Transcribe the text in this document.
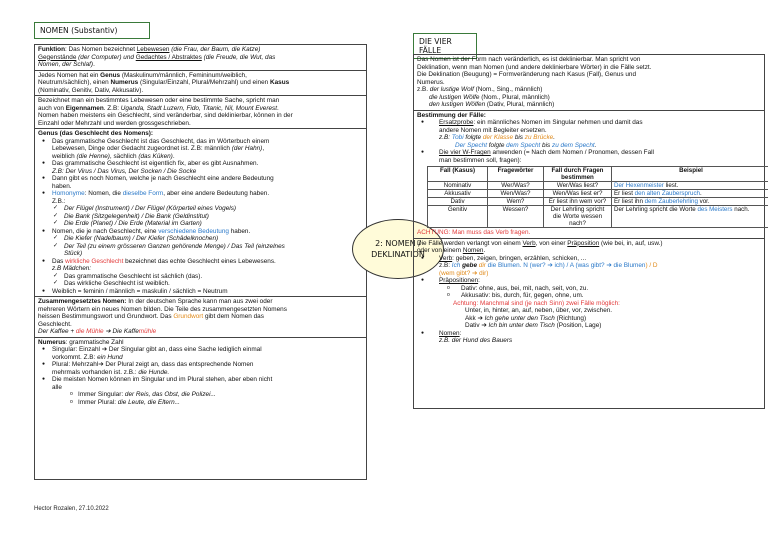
NOMEN (Substantiv)
DIE VIER FÄLLE
Funktion: Das Nomen bezeichnet Lebewesen (die Frau, der Baum, die Katze)
Gegenstände (der Computer) und Gedachtes / Abstraktes (die Freude, die Wut, das
Nomen, der Schlaf).
Jedes Nomen hat ein Genus (Maskulinum/männlich, Femininum/weiblich,
Neutrum/sächlich), einen Numerus (Singular/Einzahl, Plural/Mehrzahl) und einen Kasus
(Nominativ, Genitiv, Dativ, Akkusativ).
Bezeichnet man ein bestimmtes Lebewesen oder eine bestimmte Sache, spricht man
auch von Eigennamen. Z.B: Uganda, Stadt Luzern, Fido, Titanic, Nil, Mount Everest.
Nomen haben meistens ein Geschlecht, sind veränderbar, sind deklinierbar, können in der
Einzahl oder Mehrzahl und werden grossgeschrieben.
Genus (das Geschlecht des Nomens):
● Das grammatische Geschlecht ist das Geschlecht, das im Wörterbuch einem
Lebewesen, Dinge oder Gedacht zugeordnet ist. Z.B: männlich (der Hahn),
weiblich (die Henne), sächlich (das Küken).
● Das grammatische Geschlecht ist eigentlich fix, aber es gibt Ausnahmen.
Z.B: Der Virus / Das Virus, Der Socken / Die Socke
● Dann gibt es noch Nomen, welche je nach Geschlecht eine andere Bedeutung
haben.
● Homonyme: Nomen, die dieselbe Form, aber eine andere Bedeutung haben.
Z.B.:
✓ Der Flügel (Instrument) / Der Flügel (Körperteil eines Vogels)
✓ Die Bank (Sitzgelegenheit) / Die Bank (Geldinstitut)
✓ Die Erde (Planet) / Die Erde (Material im Garten)
● Nomen, die je nach Geschlecht, eine verschiedene Bedeutung haben.
✓ Die Kiefer (Nadelbaum) / Der Kiefer (Schädelknochen)
✓ Der Teil (zu einem grösseren Ganzen gehörende Menge) / Das Teil (einzelnes
Stück)
● Das wirkliche Geschlecht bezeichnet das echte Geschlecht eines Lebewesens.
z.B Mädchen:
✓ Das grammatische Geschlecht ist sächlich (das).
✓ Das wirkliche Geschlecht ist weiblich.
● Weiblich = feminin / männlich = maskulin / sächlich = Neutrum
Zusammengesetztes Nomen: In der deutschen Sprache kann man aus zwei oder
mehreren Wörtern ein neues Nomen bilden. Die Teile des zusammengesetzten Nomens
heissen Bestimmungswort und Grundwort. Das Grundwort gibt dem Nomen das
Geschlecht.
Der Kaffee + die Mühle ➔ Die Kaffemühle
Numerus: grammatische Zahl
● Singular: Einzahl ➔ Der Singular gibt an, dass eine Sache lediglich einmal
vorkommt. Z.B: ein Hund
● Plural: Mehrzahl➔ Der Plural zeigt an, dass das entsprechende Nomen
mehrmals vorhanden ist. z.B.: die Hunde.
● Die meisten Nomen können im Singular und im Plural stehen, aber eben nicht
alle
o Immer Singular: der Reis, das Obst, die Polizei...
o Immer Plural: die Leute, die Eltern...
2: NOMEN /
DEKLINATION
Das Nomen ist der Form nach veränderlich, es ist deklinierbar. Man spricht von
Deklination, wenn man Nomen (und andere deklinierbare Wörter) in die Fälle setzt.
Die Deklination (Beugung) = Formveränderung nach Kasus (Fall), Genus und
Numerus.
z.B. der lustige Wolf (Nom., Sing., männlich)
die lustigen Wölfe (Nom., Plural, männlich)
den lustigen Wölfen (Dativ, Plural, männlich)
Bestimmung der Fälle:
● Ersatzprobe: ein männliches Nomen im Singular nehmen und damit das
andere Nomen mit Begleiter ersetzen.
z.B: Tobi folgte der Klasse bis zu Brücke.
Der Specht folgte dem Specht bis zu dem Specht.
● Die vier W-Fragen anwenden (= Nach dem Nomen / Pronomen, dessen Fall
man bestimmen soll, fragen):
Fall (Kasus)	Fragewörter	Fall durch Fragen bestimmen	Beispiel
Nominativ	Wer/Was?	Wer/Was liest?	Der Hexenmeister liest.
Akkusativ	Wen/Was?	Wen/Was liest er?	Er liest den alten Zauberspruch.
Dativ	Wem?	Er liest ihn wem vor?	Er liest ihn dem Zauberlehrling vor.
Genitiv	Wessen?	Der Lehrling spricht die Worte wessen nach?	Der Lehrling spricht die Worte des Meisters nach.
ACHTUNG: Man muss das Verb fragen.
Die Fälle werden verlangt von einem Verb, von einer Präposition (wie bei, in, auf, usw.)
oder von einem Nomen.
● Verb: geben, zeigen, bringen, erzählen, schicken, ...
z.B: Ich gebe dir die Blumen. N (wer? ➔ ich) / A (was gibt? ➔ die Blumen) / D
(wem gibt? ➔ dir)
● Präpositionen:
o Dativ: ohne, aus, bei, mit, nach, seit, von, zu.
o Akkusativ: bis, durch, für, gegen, ohne, um.
Achtung: Manchmal sind (je nach Sinn) zwei Fälle möglich:
Unter, in, hinter, an, auf, neben, über, vor, zwischen.
Akk ➔ Ich gehe unter den Tisch (Richtung)
Dativ ➔ Ich bin unter dem Tisch (Position, Lage)
● Nomen:
z.B. der Hund des Bauers
Hector Rozalen, 27.10.2022
